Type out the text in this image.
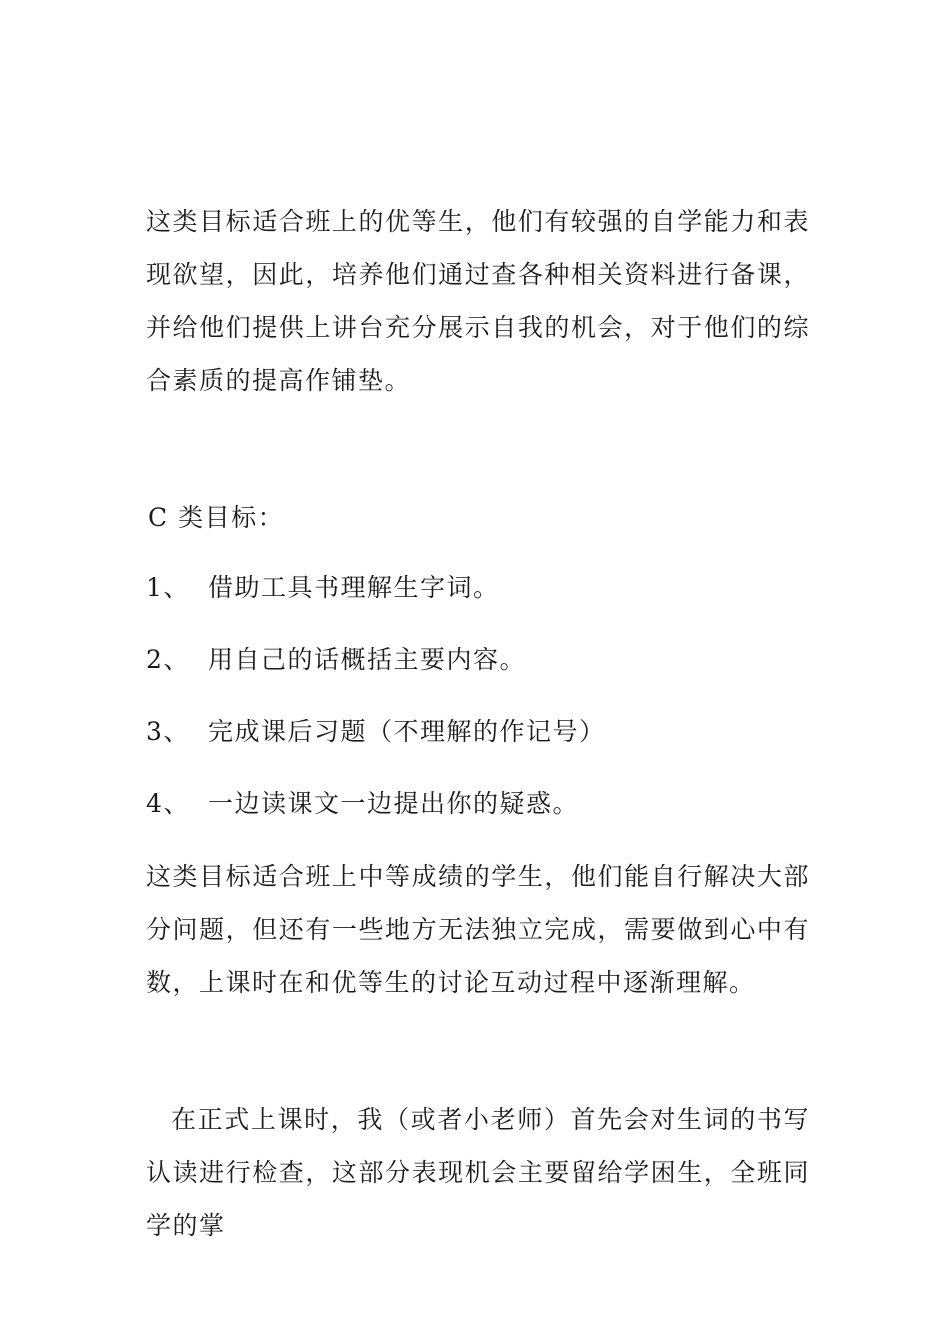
这类目标适合班上的优等生，他们有较强的自学能力和表现欲望，因此，培养他们通过查各种相关资料进行备课，并给他们提供上讲台充分展示自我的机会，对于他们的综合素质的提高作铺垫。

C 类目标：

1、 借助工具书理解生字词。
2、 用自己的话概括主要内容。
3、 完成课后习题（不理解的作记号）
4、 一边读课文一边提出你的疑惑。

这类目标适合班上中等成绩的学生，他们能自行解决大部分问题，但还有一些地方无法独立完成，需要做到心中有数，上课时在和优等生的讨论互动过程中逐渐理解。

在正式上课时，我（或者小老师）首先会对生词的书写认读进行检查，这部分表现机会主要留给学困生，全班同学的掌
